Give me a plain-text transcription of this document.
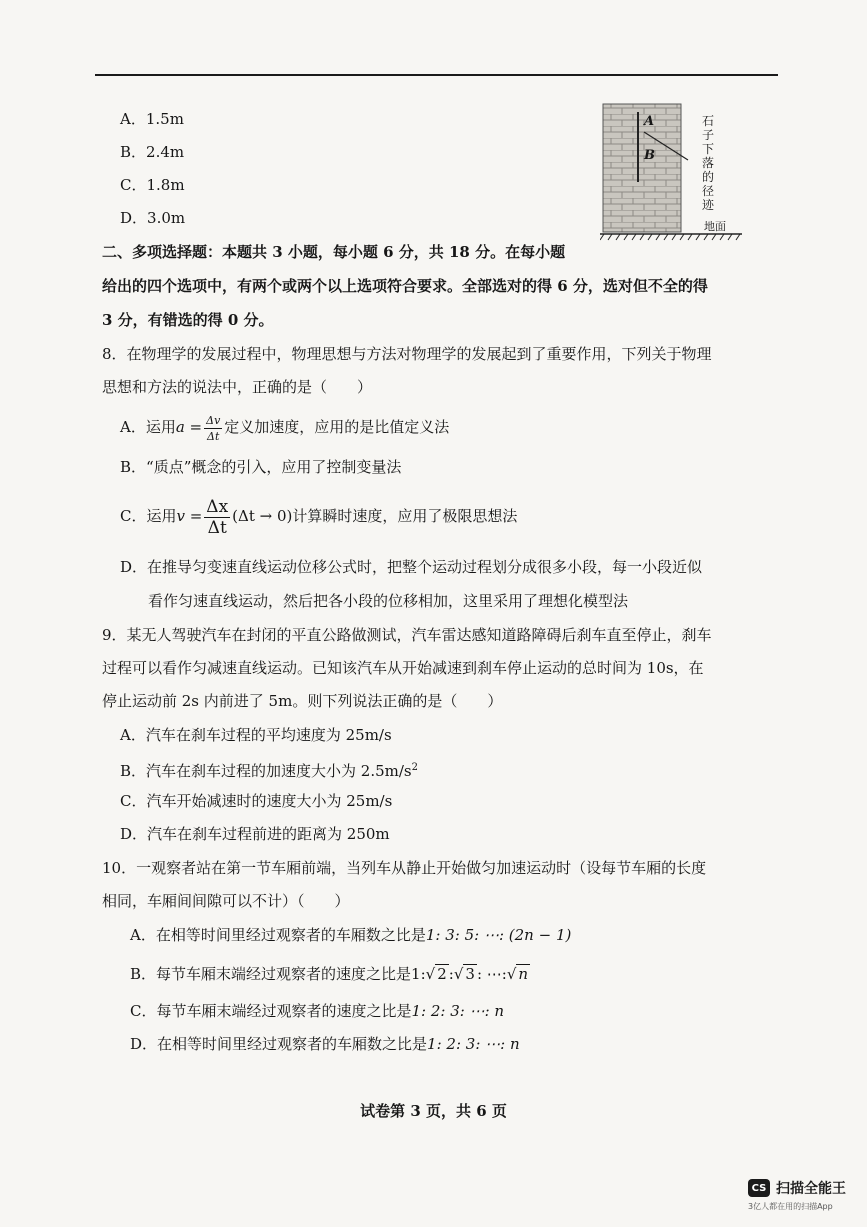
A．1.5m
B．2.4m
C．1.8m
D．3.0m
A
B
石子下落的径迹
地面
二、多项选择题：本题共 3 小题，每小题 6 分，共 18 分。在每小题
给出的四个选项中，有两个或两个以上选项符合要求。全部选对的得 6 分，选对但不全的得
3 分，有错选的得 0 分。
8．在物理学的发展过程中，物理思想与方法对物理学的发展起到了重要作用，下列关于物理
思想和方法的说法中，正确的是（　　）
A．运用$a = \frac{\Delta v}{\Delta t}$ 定义加速度，应用的是比值定义法
B．“质点”概念的引入，应用了控制变量法
C．运用$v = \frac{\Delta x}{\Delta t} (\Delta t \to 0)$计算瞬时速度，应用了极限思想法
D．在推导匀变速直线运动位移公式时，把整个运动过程划分成很多小段，每一小段近似
看作匀速直线运动，然后把各小段的位移相加，这里采用了理想化模型法
9．某无人驾驶汽车在封闭的平直公路做测试，汽车雷达感知道路障碍后刹车直至停止，刹车
过程可以看作匀减速直线运动。已知该汽车从开始减速到刹车停止运动的总时间为 10s，在
停止运动前 2s 内前进了 5m。则下列说法正确的是（　　）
A．汽车在刹车过程的平均速度为 25m/s
B．汽车在刹车过程的加速度大小为 $2.5m/s^2$
C．汽车开始减速时的速度大小为 25m/s
D．汽车在刹车过程前进的距离为 250m
10．一观察者站在第一节车厢前端，当列车从静止开始做匀加速运动时（设每节车厢的长度
相同，车厢间间隙可以不计）（　　）
A．在相等时间里经过观察者的车厢数之比是1: 3: 5: ⋯: (2n − 1)
B．每节车厢末端经过观察者的速度之比是1:√ 2 :√ 3 : ⋯:√ n
C．每节车厢末端经过观察者的速度之比是1: 2: 3: ⋯: n
D．在相等时间里经过观察者的车厢数之比是1: 2: 3: ⋯: n
试卷第 3 页，共 6 页
CS 扫描全能王
3亿人都在用的扫描App
